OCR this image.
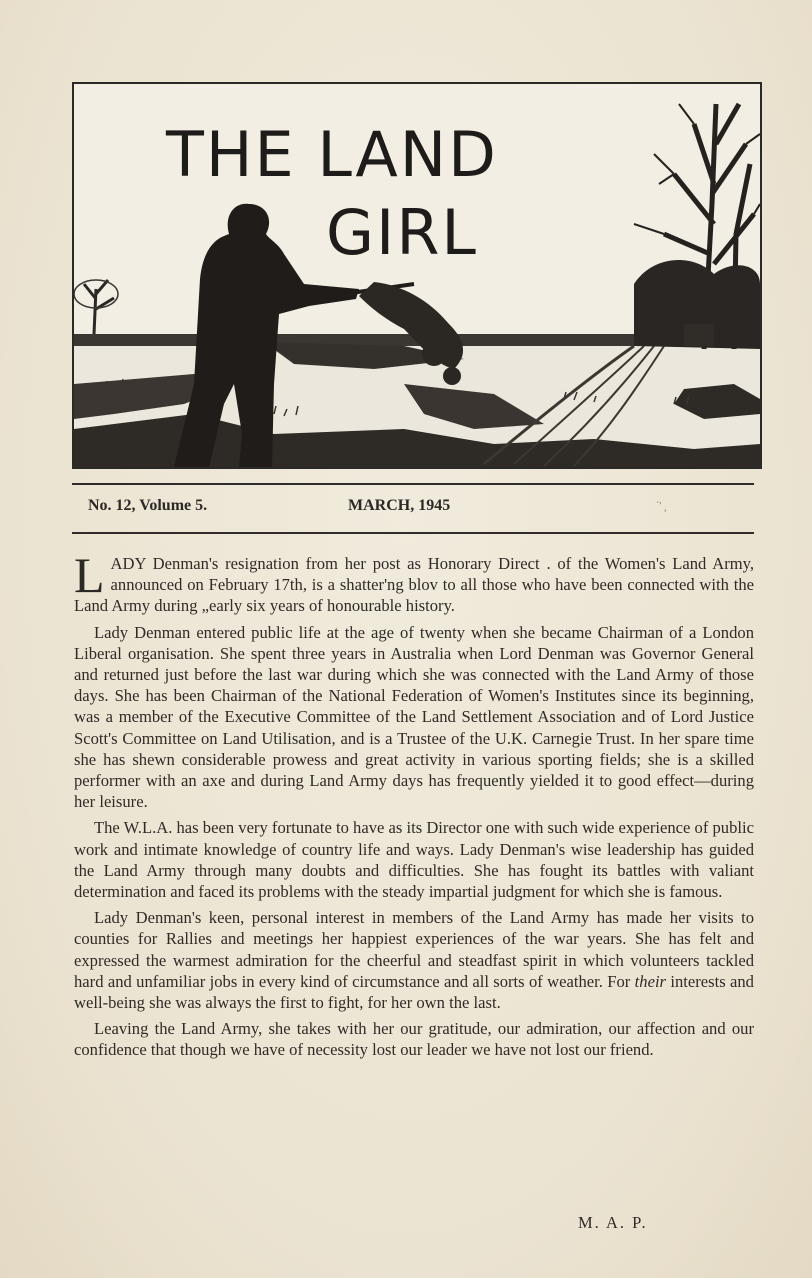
THE LAND
GIRL
No. 12, Volume 5.	MARCH, 1945	´' ¸

LADY Denman's resignation from her post as Honorary Direct . of the Women's Land Army, announced on February 17th, is a shatter'ng blov to all those who have been connected with the Land Army during „early six years of honourable history.

Lady Denman entered public life at the age of twenty when she became Chairman of a London Liberal organisation. She spent three years in Australia when Lord Denman was Governor General and returned just before the last war during which she was connected with the Land Army of those days. She has been Chairman of the National Federation of Women's Institutes since its beginning, was a member of the Executive Committee of the Land Settlement Association and of Lord Justice Scott's Committee on Land Utilisation, and is a Trustee of the U.K. Carnegie Trust. In her spare time she has shewn considerable prowess and great activity in various sporting fields; she is a skilled performer with an axe and during Land Army days has frequently yielded it to good effect—during her leisure.

The W.L.A. has been very fortunate to have as its Director one with such wide experience of public work and intimate knowledge of country life and ways. Lady Denman's wise leadership has guided the Land Army through many doubts and difficulties. She has fought its battles with valiant determination and faced its problems with the steady impartial judgment for which she is famous.

Lady Denman's keen, personal interest in members of the Land Army has made her visits to counties for Rallies and meetings her happiest experiences of the war years. She has felt and expressed the warmest admiration for the cheerful and steadfast spirit in which volunteers tackled hard and unfamiliar jobs in every kind of circumstance and all sorts of weather. For their interests and well-being she was always the first to fight, for her own the last.

Leaving the Land Army, she takes with her our gratitude, our admiration, our affection and our confidence that though we have of necessity lost our leader we have not lost our friend.

M. A. P.
